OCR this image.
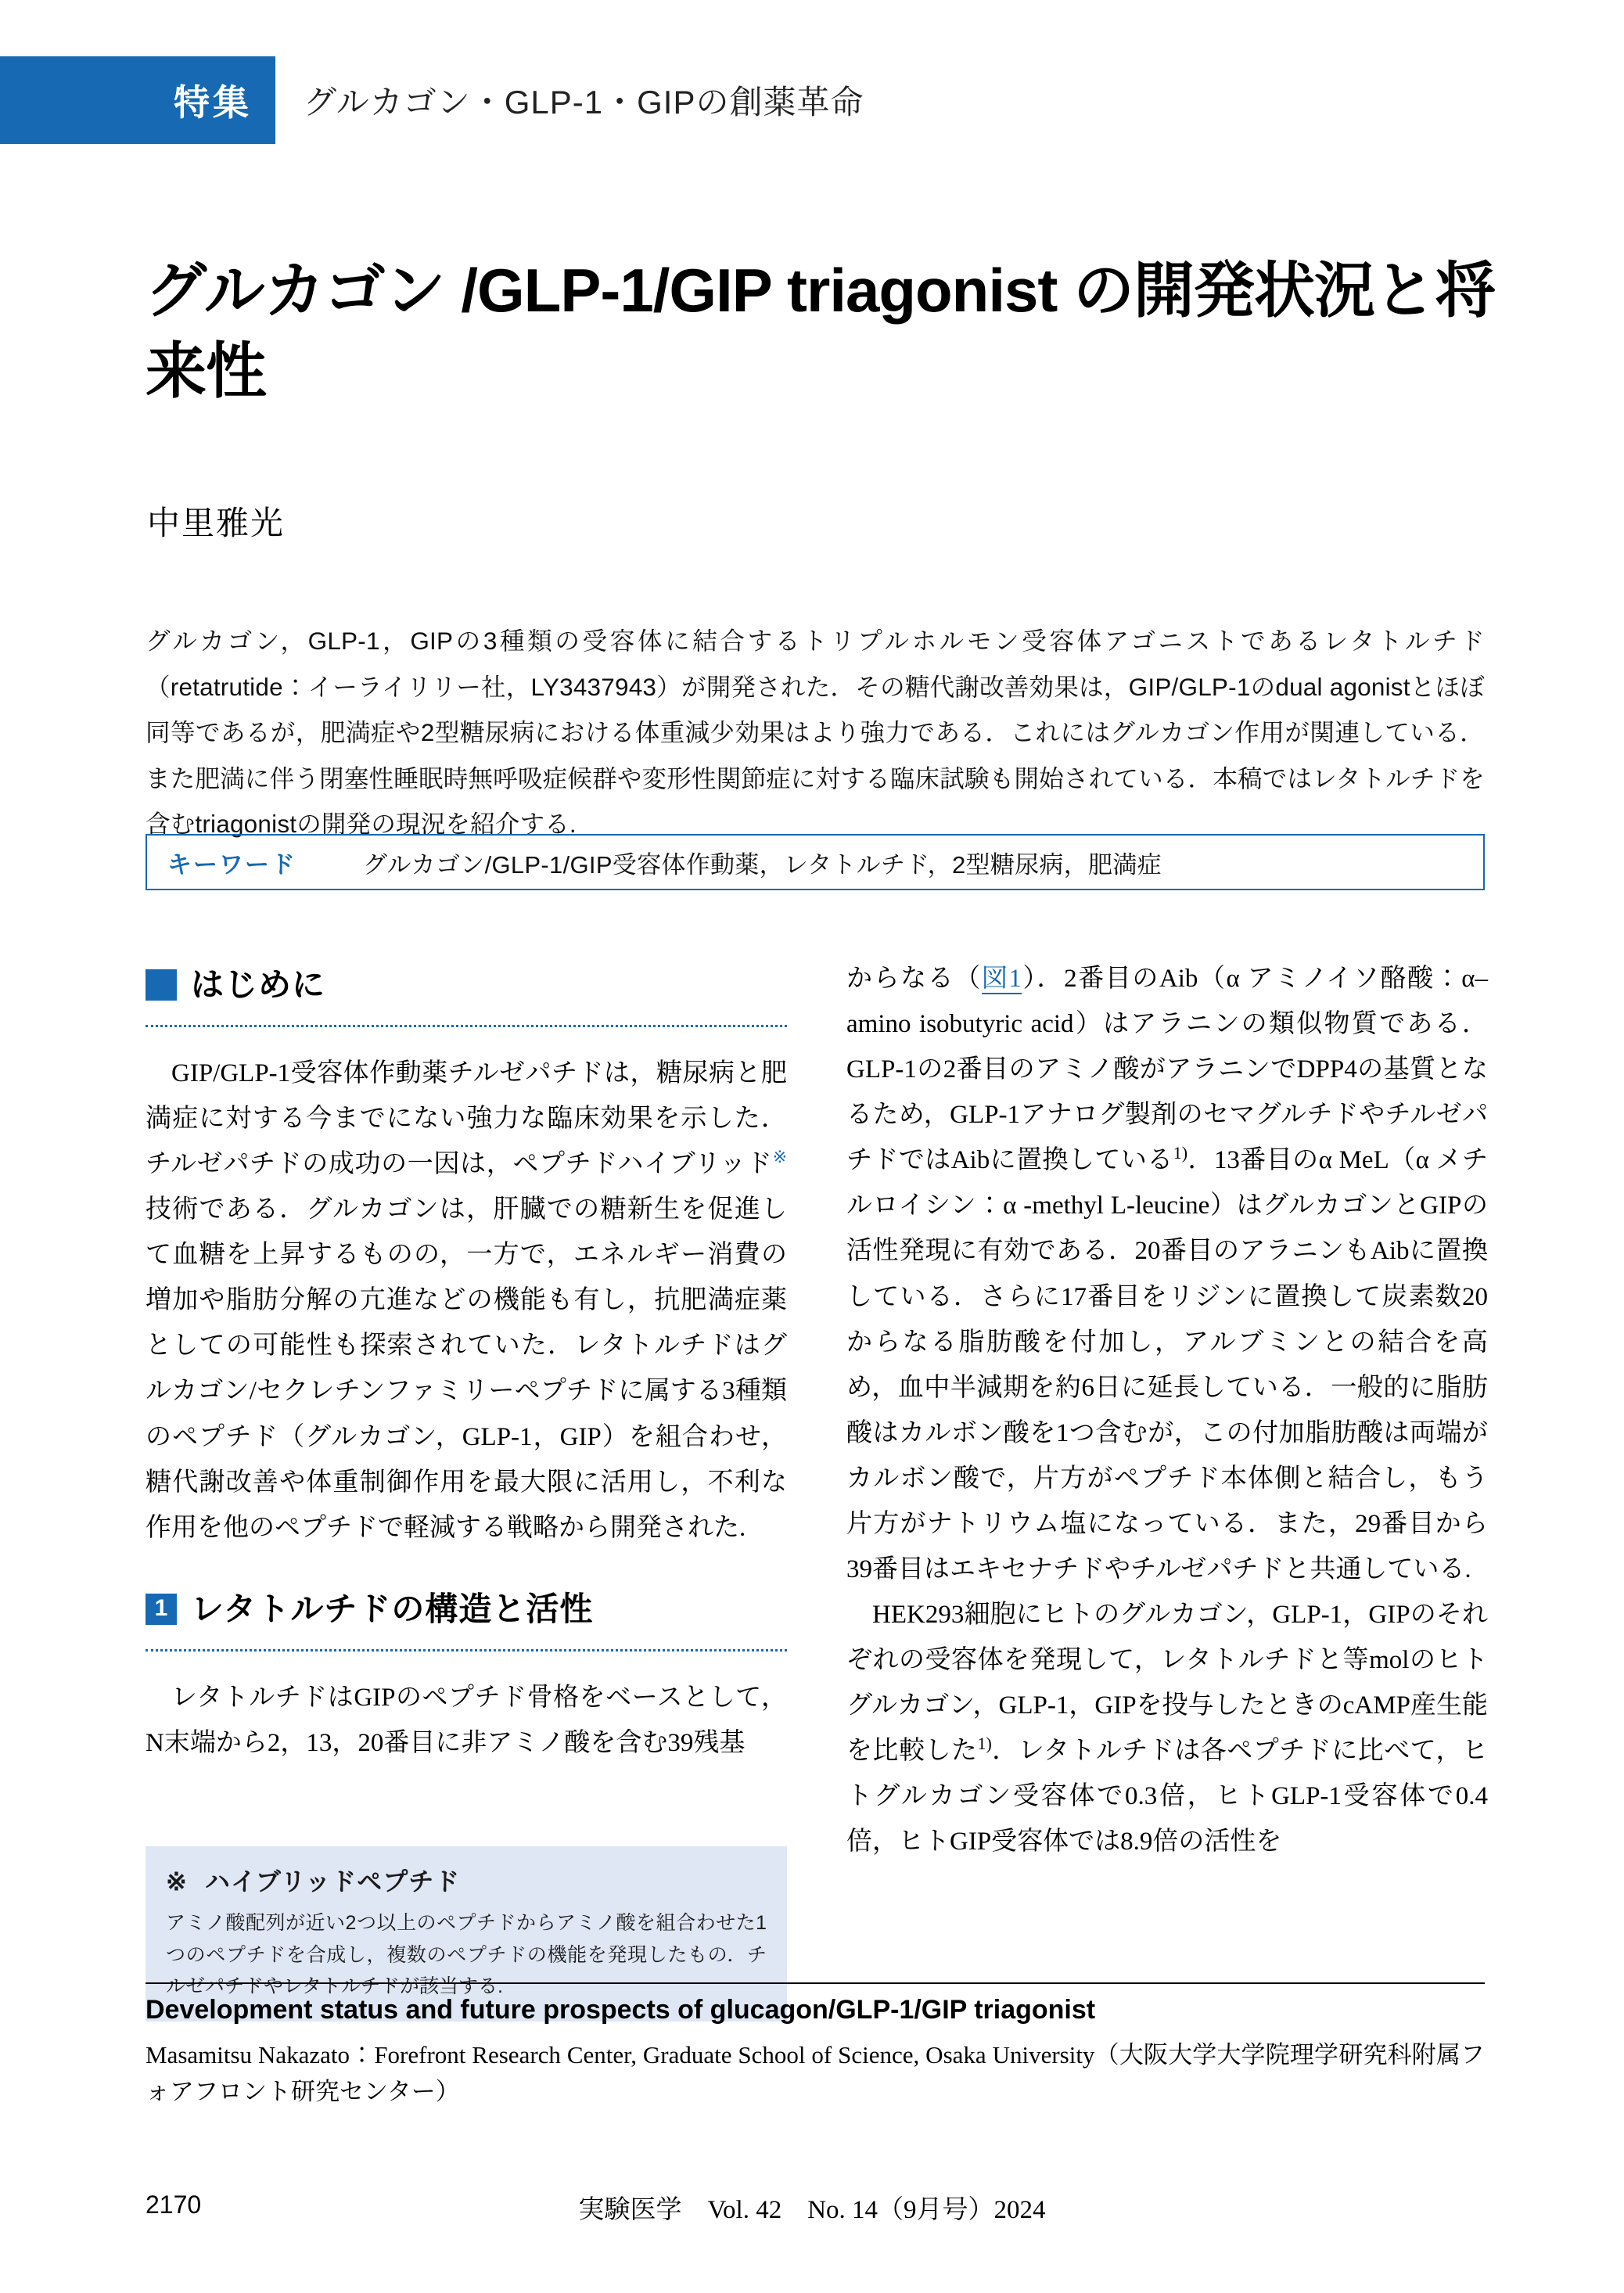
特集	グルカゴン・GLP-1・GIPの創薬革命
グルカゴン /GLP-1/GIP triagonist の開発状況と将来性
中里雅光
グルカゴン，GLP-1，GIPの3種類の受容体に結合するトリプルホルモン受容体アゴニストであるレタトルチド（retatrutide：イーライリリー社，LY3437943）が開発された．その糖代謝改善効果は，GIP/GLP-1のdual agonistとほぼ同等であるが，肥満症や2型糖尿病における体重減少効果はより強力である．これにはグルカゴン作用が関連している．また肥満に伴う閉塞性睡眠時無呼吸症候群や変形性関節症に対する臨床試験も開始されている．本稿ではレタトルチドを含むtriagonistの開発の現況を紹介する.
キーワード	グルカゴン/GLP-1/GIP受容体作動薬，レタトルチド，2型糖尿病，肥満症
はじめに

GIP/GLP-1受容体作動薬チルゼパチドは，糖尿病と肥満症に対する今までにない強力な臨床効果を示した．チルゼパチドの成功の一因は，ペプチドハイブリッド※技術である．グルカゴンは，肝臓での糖新生を促進して血糖を上昇するものの，一方で，エネルギー消費の増加や脂肪分解の亢進などの機能も有し，抗肥満症薬としての可能性も探索されていた．レタトルチドはグルカゴン/セクレチンファミリーペプチドに属する3種類のペプチド（グルカゴン，GLP-1，GIP）を組合わせ，糖代謝改善や体重制御作用を最大限に活用し，不利な作用を他のペプチドで軽減する戦略から開発された.

1 レタトルチドの構造と活性

レタトルチドはGIPのペプチド骨格をベースとして，N末端から2，13，20番目に非アミノ酸を含む39残基

※ ハイブリッドペプチド
アミノ酸配列が近い2つ以上のペプチドからアミノ酸を組合わせた1つのペプチドを合成し，複数のペプチドの機能を発現したもの．チルゼパチドやレタトルチドが該当する.

からなる（図1）．2番目のAib（α アミノイソ酪酸：α–amino isobutyric acid）はアラニンの類似物質である．GLP-1の2番目のアミノ酸がアラニンでDPP4の基質となるため，GLP-1アナログ製剤のセマグルチドやチルゼパチドではAibに置換している$^{1)}$．13番目のα MeL（α メチルロイシン：α -methyl L-leucine）はグルカゴンとGIPの活性発現に有効である．20番目のアラニンもAibに置換している．さらに17番目をリジンに置換して炭素数20からなる脂肪酸を付加し，アルブミンとの結合を高め，血中半減期を約6日に延長している．一般的に脂肪酸はカルボン酸を1つ含むが，この付加脂肪酸は両端がカルボン酸で，片方がペプチド本体側と結合し，もう片方がナトリウム塩になっている．また，29番目から39番目はエキセナチドやチルゼパチドと共通している.

HEK293細胞にヒトのグルカゴン，GLP-1，GIPのそれぞれの受容体を発現して，レタトルチドと等molのヒトグルカゴン，GLP-1，GIPを投与したときのcAMP産生能を比較した$^{1)}$．レタトルチドは各ペプチドに比べて，ヒトグルカゴン受容体で0.3倍，ヒトGLP-1受容体で0.4倍，ヒトGIP受容体では8.9倍の活性を

Development status and future prospects of glucagon/GLP-1/GIP triagonist
Masamitsu Nakazato：Forefront Research Center, Graduate School of Science, Osaka University（大阪大学大学院理学研究科附属フォアフロント研究センター）
2170	実験医学　Vol. 42　No. 14（9月号）2024
